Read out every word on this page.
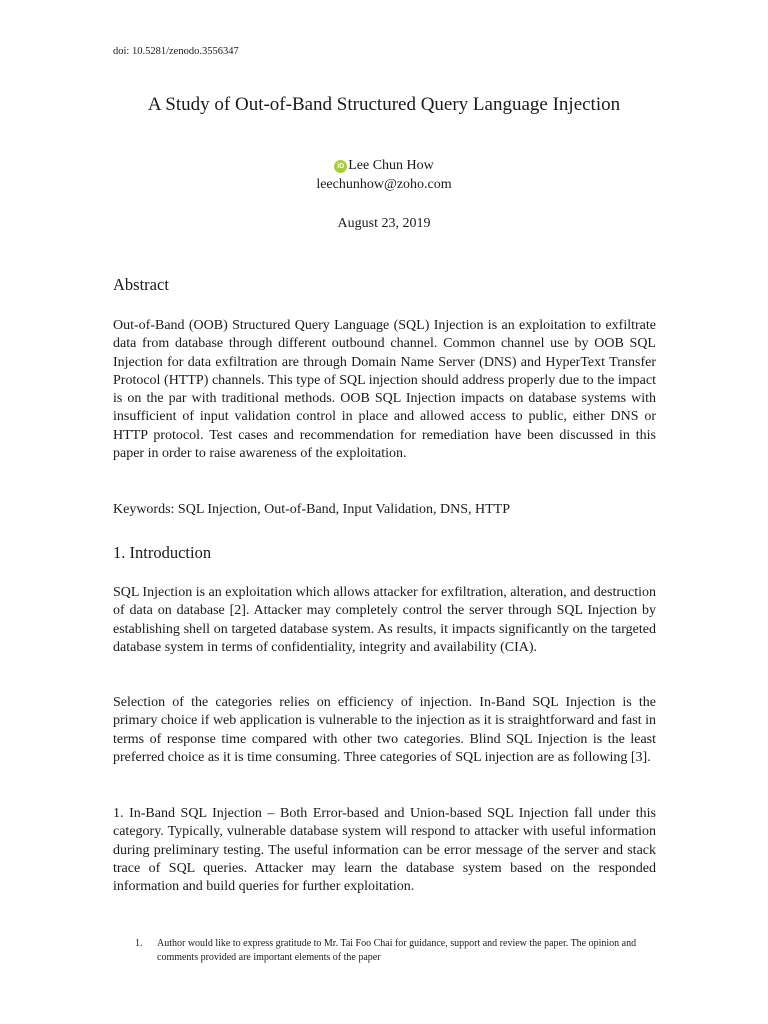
doi: 10.5281/zenodo.3556347
A Study of Out-of-Band Structured Query Language Injection
iD Lee Chun How
leechunhow@zoho.com
August 23, 2019
Abstract

Out-of-Band (OOB) Structured Query Language (SQL) Injection is an exploitation to exfiltrate data from database through different outbound channel. Common channel use by OOB SQL Injection for data exfiltration are through Domain Name Server (DNS) and HyperText Transfer Protocol (HTTP) channels. This type of SQL injection should address properly due to the impact is on the par with traditional methods. OOB SQL Injection impacts on database systems with insufficient of input validation control in place and allowed access to public, either DNS or HTTP protocol. Test cases and recommendation for remediation have been discussed in this paper in order to raise awareness of the exploitation.

Keywords: SQL Injection, Out-of-Band, Input Validation, DNS, HTTP

1. Introduction

SQL Injection is an exploitation which allows attacker for exfiltration, alteration, and destruction of data on database [2]. Attacker may completely control the server through SQL Injection by establishing shell on targeted database system. As results, it impacts significantly on the targeted database system in terms of confidentiality, integrity and availability (CIA).

Selection of the categories relies on efficiency of injection. In-Band SQL Injection is the primary choice if web application is vulnerable to the injection as it is straightforward and fast in terms of response time compared with other two categories. Blind SQL Injection is the least preferred choice as it is time consuming. Three categories of SQL injection are as following [3].

1. In-Band SQL Injection – Both Error-based and Union-based SQL Injection fall under this category. Typically, vulnerable database system will respond to attacker with useful information during preliminary testing. The useful information can be error message of the server and stack trace of SQL queries. Attacker may learn the database system based on the responded information and build queries for further exploitation.

1. Author would like to express gratitude to Mr. Tai Foo Chai for guidance, support and review the paper. The opinion and comments provided are important elements of the paper
